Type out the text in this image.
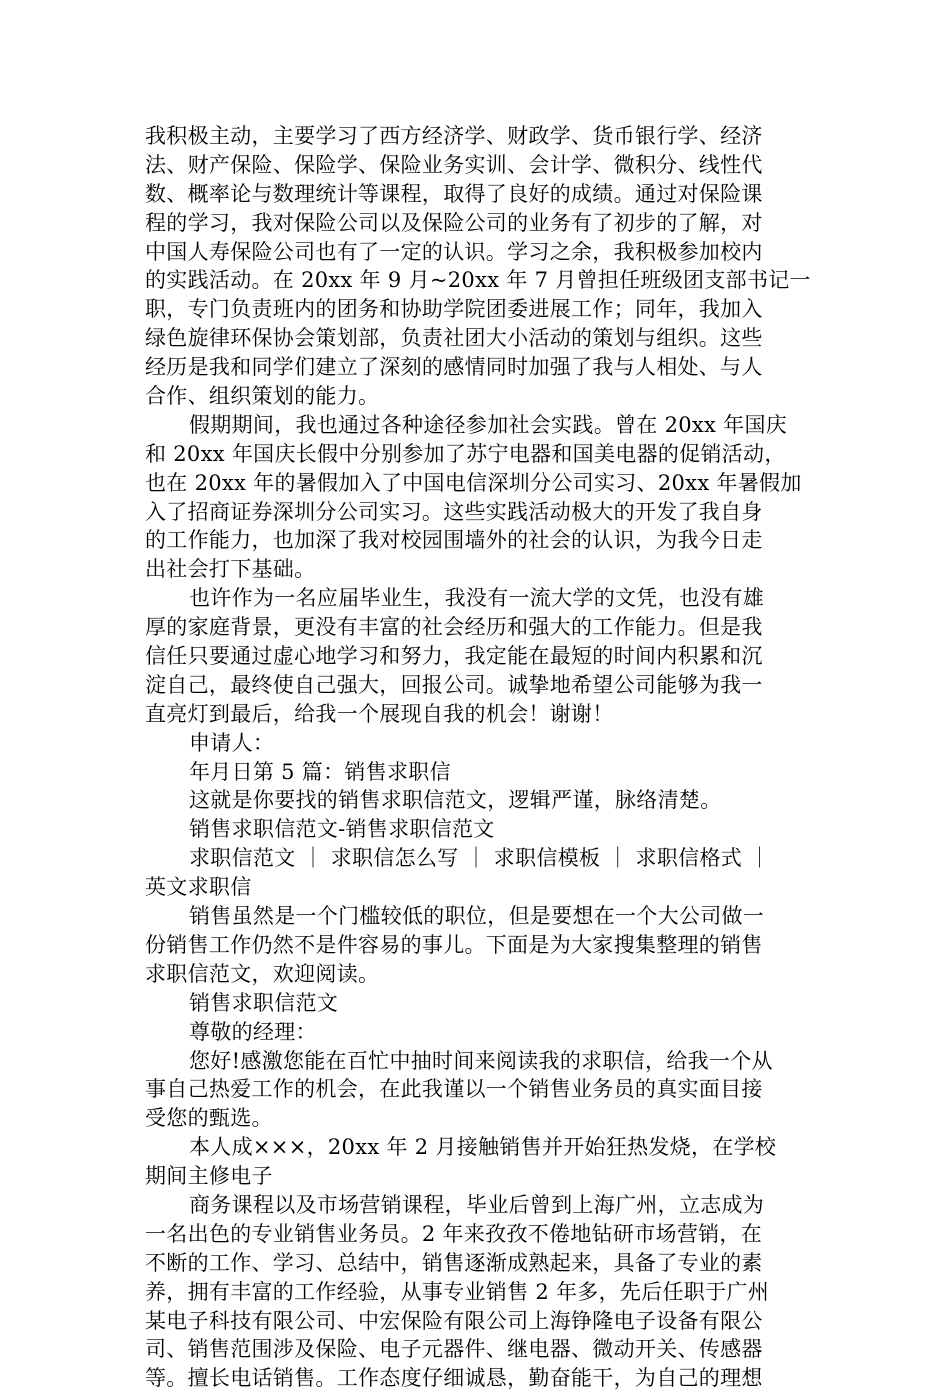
我积极主动，主要学习了西方经济学、财政学、货币银行学、经济
法、财产保险、保险学、保险业务实训、会计学、微积分、线性代
数、概率论与数理统计等课程，取得了良好的成绩。通过对保险课
程的学习，我对保险公司以及保险公司的业务有了初步的了解，对
中国人寿保险公司也有了一定的认识。学习之余，我积极参加校内
的实践活动。在 20xx 年 9 月~20xx 年 7 月曾担任班级团支部书记一
职，专门负责班内的团务和协助学院团委进展工作；同年，我加入
绿色旋律环保协会策划部，负责社团大小活动的策划与组织。这些
经历是我和同学们建立了深刻的感情同时加强了我与人相处、与人
合作、组织策划的能力。
假期期间，我也通过各种途径参加社会实践。曾在 20xx 年国庆
和 20xx 年国庆长假中分别参加了苏宁电器和国美电器的促销活动，
也在 20xx 年的暑假加入了中国电信深圳分公司实习、20xx 年暑假加
入了招商证券深圳分公司实习。这些实践活动极大的开发了我自身
的工作能力，也加深了我对校园围墙外的社会的认识，为我今日走
出社会打下基础。
也许作为一名应届毕业生，我没有一流大学的文凭，也没有雄
厚的家庭背景，更没有丰富的社会经历和强大的工作能力。但是我
信任只要通过虚心地学习和努力，我定能在最短的时间内积累和沉
淀自己，最终使自己强大，回报公司。诚挚地希望公司能够为我一
直亮灯到最后，给我一个展现自我的机会！谢谢！
申请人：
年月日第 5 篇：销售求职信
这就是你要找的销售求职信范文，逻辑严谨，脉络清楚。
销售求职信范文-销售求职信范文
求职信范文 ｜ 求职信怎么写 ｜ 求职信模板 ｜ 求职信格式 ｜
英文求职信
销售虽然是一个门槛较低的职位，但是要想在一个大公司做一
份销售工作仍然不是件容易的事儿。下面是为大家搜集整理的销售
求职信范文，欢迎阅读。
销售求职信范文
尊敬的经理：
您好!感激您能在百忙中抽时间来阅读我的求职信，给我一个从
事自己热爱工作的机会，在此我谨以一个销售业务员的真实面目接
受您的甄选。
本人成×××，20xx 年 2 月接触销售并开始狂热发烧，在学校
期间主修电子
商务课程以及市场营销课程，毕业后曾到上海广州，立志成为
一名出色的专业销售业务员。2 年来孜孜不倦地钻研市场营销，在
不断的工作、学习、总结中，销售逐渐成熟起来，具备了专业的素
养，拥有丰富的工作经验，从事专业销售 2 年多，先后任职于广州
某电子科技有限公司、中宏保险有限公司上海铮隆电子设备有限公
司、销售范围涉及保险、电子元器件、继电器、微动开关、传感器
等。擅长电话销售。工作态度仔细诚恳，勤奋能干，为自己的理想
